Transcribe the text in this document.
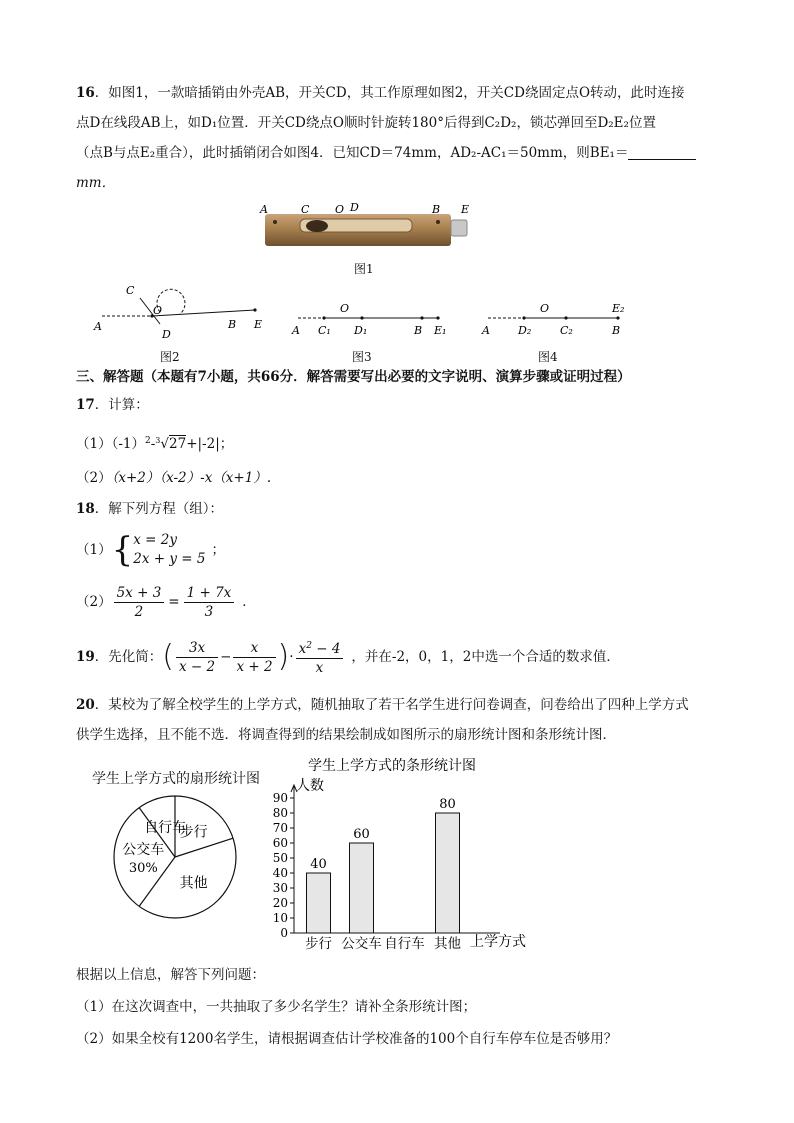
16．如图1，一款暗插销由外壳AB，开关CD，其工作原理如图2，开关CD绕固定点O转动，此时连接
点D在线段AB上，如D₁位置．开关CD绕点O顺时针旋转180°后得到C₂D₂，锁芯弹回至D₂E₂位置
（点B与点E₂重合），此时插销闭合如图4．已知CD＝74mm，AD₂-AC₁＝50mm，则BE₁＝
mm．
A	C O D	B E
图1
C
O
A
D
B E
图2
O
A C₁ D₁	B E₁
图3
O
A	D₂	C₂
E₂
B
图4
三、解答题（本题有7小题，共66分．解答需要写出必要的文字说明、演算步骤或证明过程）
17．计算：
$(1)(-1)^2-^3√27+|-2|$；
（2）（x+2）（x-2）-x（x+1）.
18．解下列方程（组）：
（1） { x = 2y
2x + y = 5
；
$(2) \frac{5x + 3}{2} = \frac{1 + 7x}{3}$ ．
19 ．先化简： ( $\frac{3x}{x - 2} - \frac{x}{x + 2}$ ) · $\frac{x^2 - 4}{x}$ ，并在-2，0，1，2中选一个合适的数求值．
20．某校为了解全校学生的上学方式，随机抽取了若干名学生进行问卷调查，问卷给出了四种上学方式
供学生选择，且不能不选．将调查得到的结果绘制成如图所示的扇形统计图和条形统计图．
学生上学方式的扇形统计图
步行
其他
公交车
30%
自行车
学生上学方式的条形统计图
人数
上学方式
0
10
20
30
40
50
60
70
80
90
40
步行
60
公交车 自行车
80
其他
根据以上信息，解答下列问题：
（1）在这次调查中，一共抽取了多少名学生？请补全条形统计图；
（2）如果全校有1200名学生，请根据调查估计学校准备的100个自行车停车位是否够用？
